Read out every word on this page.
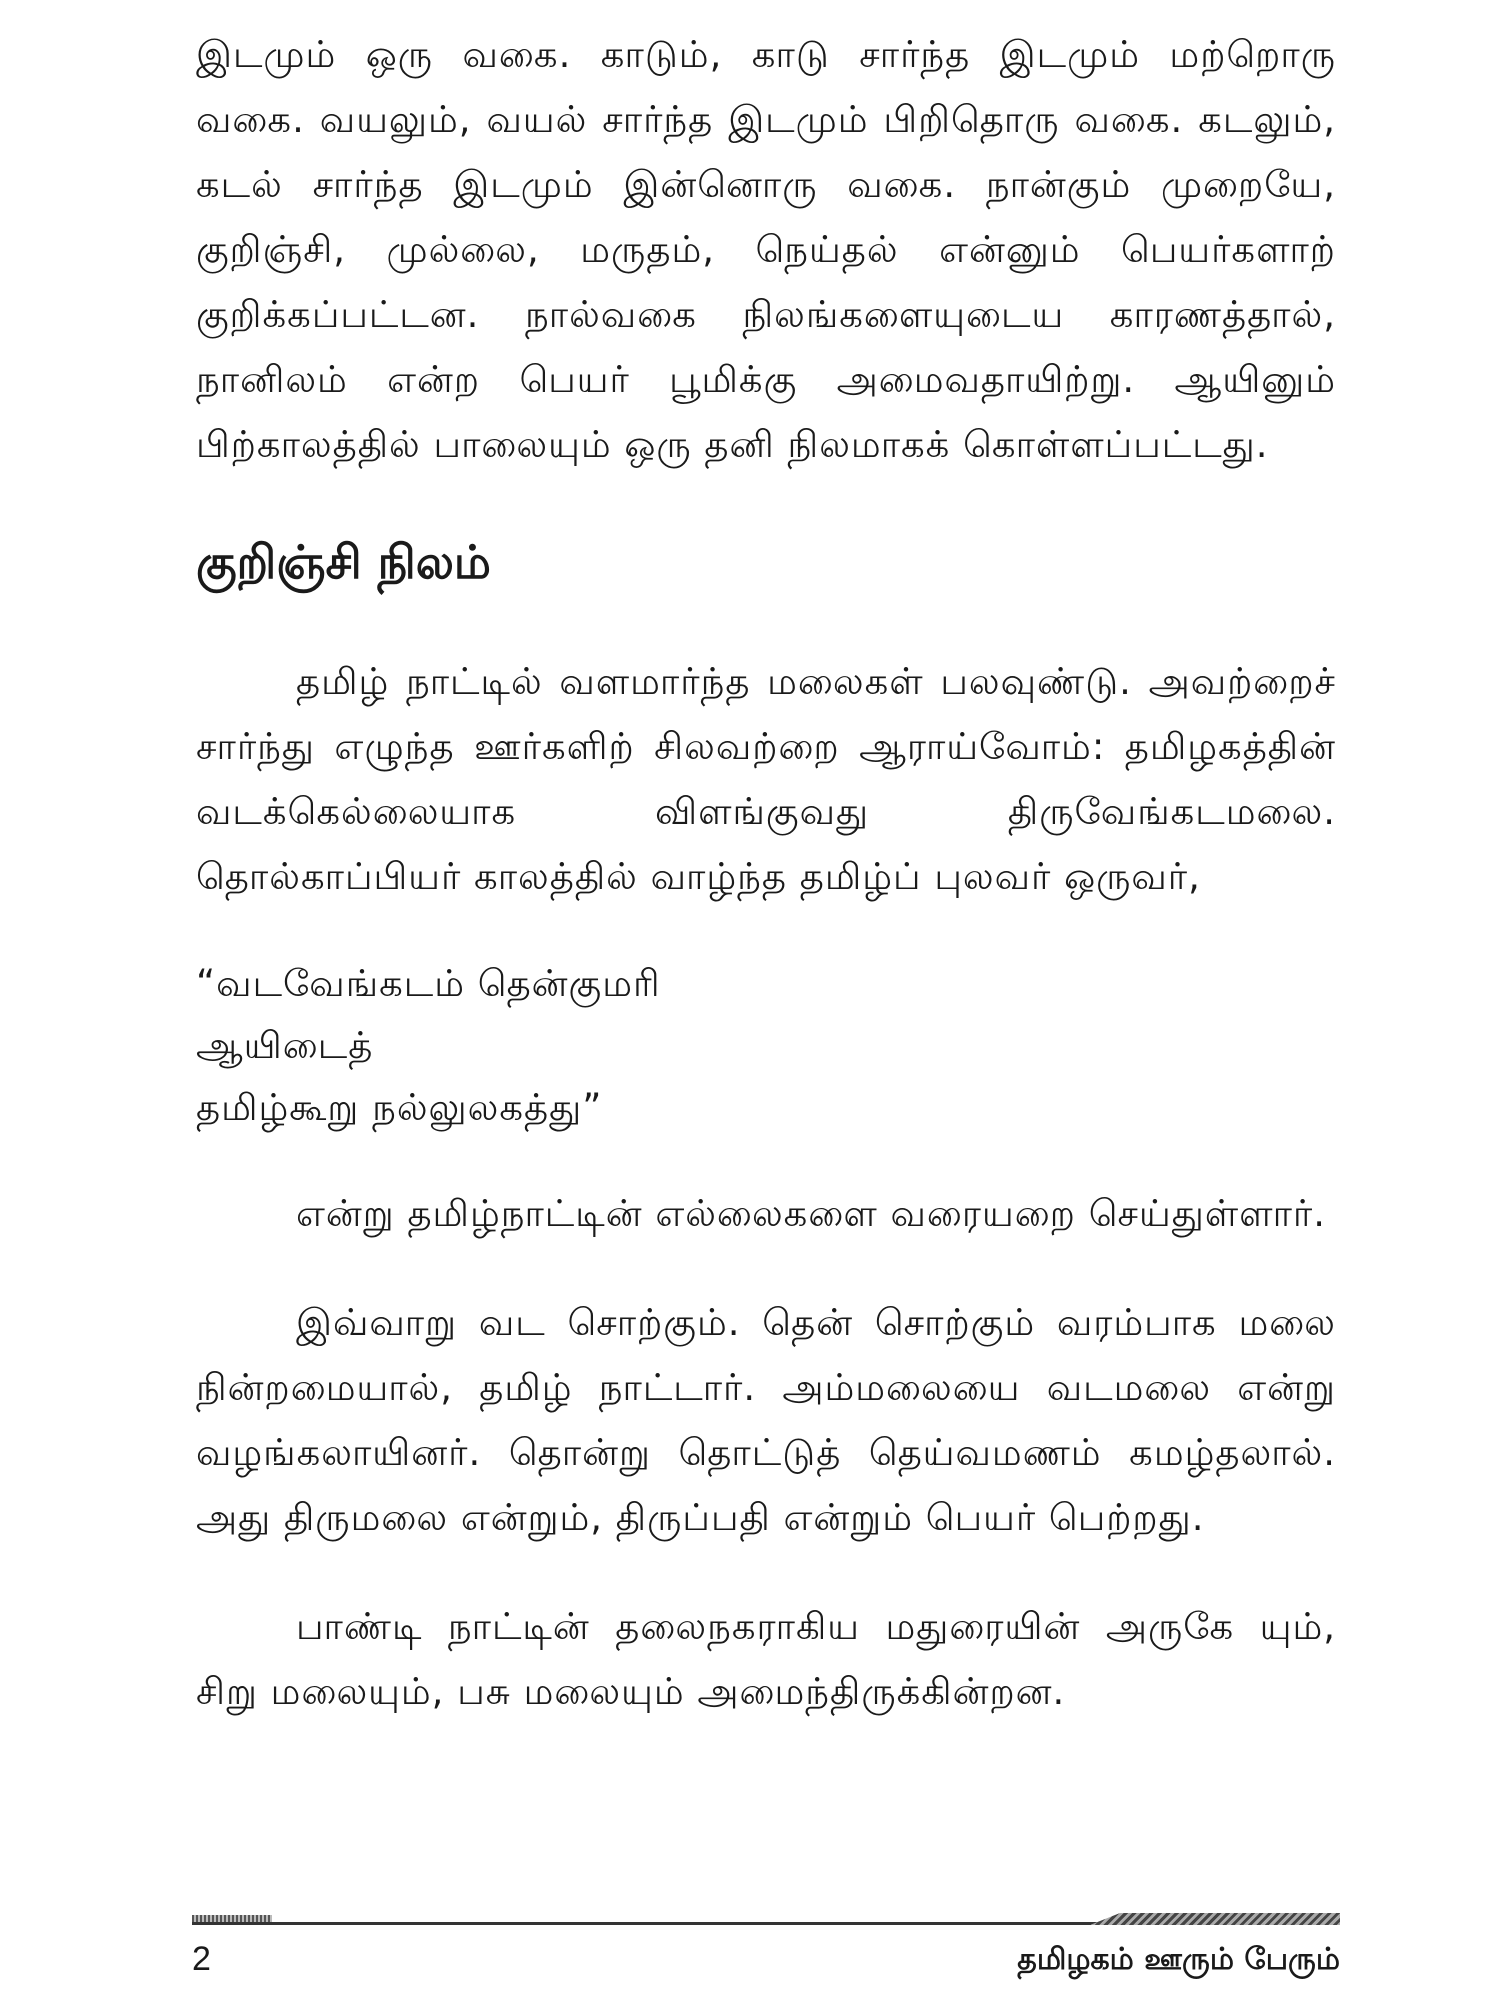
இடமும் ஒரு வகை. காடும், காடு சார்ந்த இடமும் மற்றொரு வகை. வயலும், வயல் சார்ந்த இடமும் பிறிதொரு வகை. கடலும், கடல் சார்ந்த இடமும் இன்னொரு வகை. நான்கும் முறையே, குறிஞ்சி, முல்லை, மருதம், நெய்தல் என்னும் பெயர்களாற் குறிக்கப்பட்டன. நால்வகை நிலங்களையுடைய காரணத்தால், நானிலம் என்ற பெயர் பூமிக்கு அமைவதாயிற்று. ஆயினும் பிற்காலத்தில் பாலையும் ஒரு தனி நிலமாகக் கொள்ளப்பட்டது.

குறிஞ்சி நிலம்

தமிழ் நாட்டில் வளமார்ந்த மலைகள் பலவுண்டு. அவற்றைச் சார்ந்து எழுந்த ஊர்களிற் சிலவற்றை ஆராய்வோம்: தமிழகத்தின் வடக்கெல்லையாக விளங்குவது திருவேங்கடமலை. தொல்காப்பியர் காலத்தில் வாழ்ந்த தமிழ்ப் புலவர் ஒருவர்,

“வடவேங்கடம் தென்குமரி
ஆயிடைத்
தமிழ்கூறு நல்லுலகத்து”

என்று தமிழ்நாட்டின் எல்லைகளை வரையறை செய்துள்ளார்.

இவ்வாறு வட சொற்கும். தென் சொற்கும் வரம்பாக மலை நின்றமையால், தமிழ் நாட்டார். அம்மலையை வடமலை என்று வழங்கலாயினர். தொன்று தொட்டுத் தெய்வமணம் கமழ்தலால். அது திருமலை என்றும், திருப்பதி என்றும் பெயர் பெற்றது.

பாண்டி நாட்டின் தலைநகராகிய மதுரையின் அருகே யும், சிறு மலையும், பசு மலையும் அமைந்திருக்கின்றன.

2	தமிழகம் ஊரும் பேரும்
